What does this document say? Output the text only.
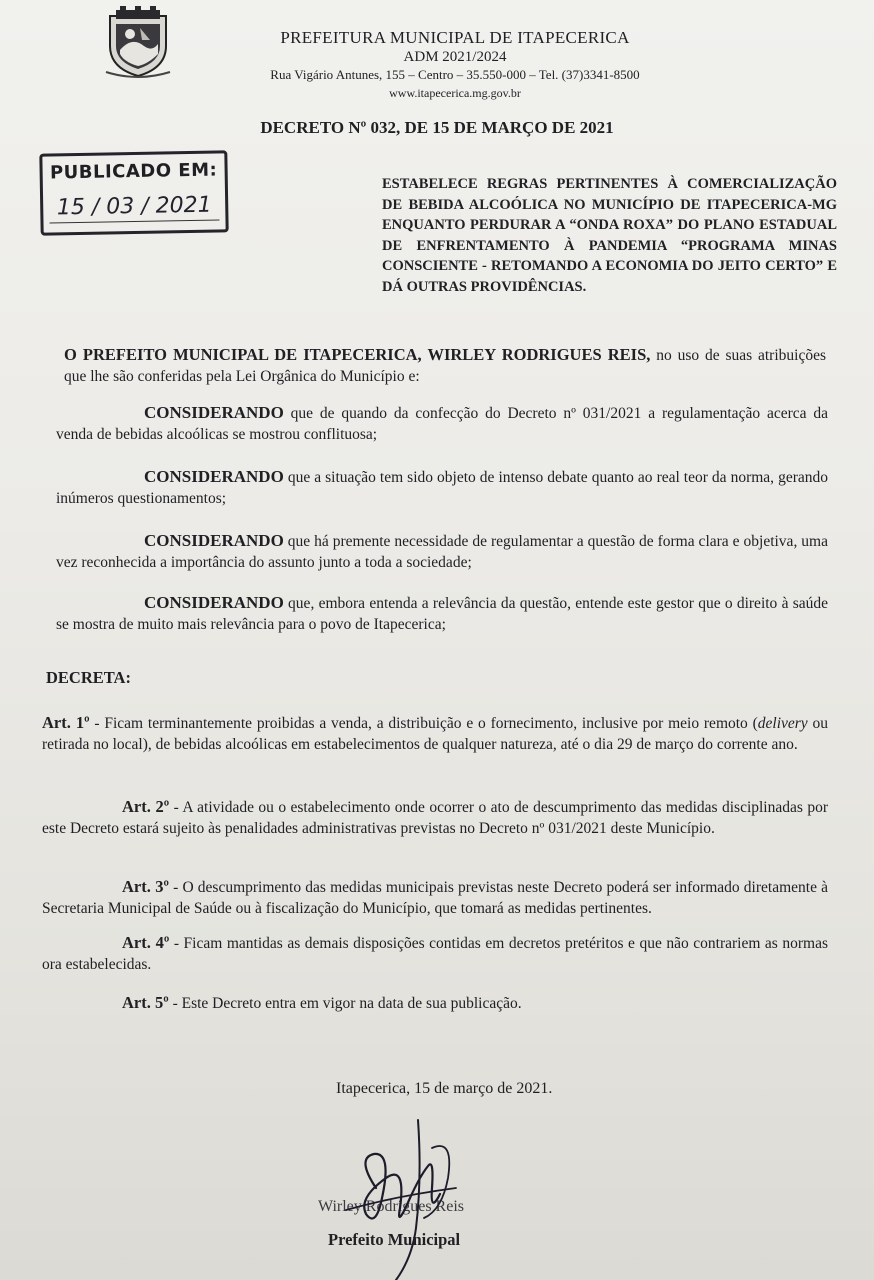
PREFEITURA MUNICIPAL DE ITAPECERICA
ADM 2021/2024
Rua Vigário Antunes, 155 – Centro – 35.550-000 – Tel. (37)3341-8500
www.itapecerica.mg.gov.br
DECRETO Nº 032, DE 15 DE MARÇO DE 2021
PUBLICADO EM:
15 / 03 / 2021
ESTABELECE REGRAS PERTINENTES À COMERCIALIZAÇÃO DE BEBIDA ALCOÓLICA NO MUNICÍPIO DE ITAPECERICA-MG ENQUANTO PERDURAR A “ONDA ROXA” DO PLANO ESTADUAL DE ENFRENTAMENTO À PANDEMIA “PROGRAMA MINAS CONSCIENTE - RETOMANDO A ECONOMIA DO JEITO CERTO” E DÁ OUTRAS PROVIDÊNCIAS.
O PREFEITO MUNICIPAL DE ITAPECERICA, WIRLEY RODRIGUES REIS, no uso de suas atribuições que lhe são conferidas pela Lei Orgânica do Município e:
CONSIDERANDO que de quando da confecção do Decreto nº 031/2021 a regulamentação acerca da venda de bebidas alcoólicas se mostrou conflituosa;
CONSIDERANDO que a situação tem sido objeto de intenso debate quanto ao real teor da norma, gerando inúmeros questionamentos;
CONSIDERANDO que há premente necessidade de regulamentar a questão de forma clara e objetiva, uma vez reconhecida a importância do assunto junto a toda a sociedade;
CONSIDERANDO que, embora entenda a relevância da questão, entende este gestor que o direito à saúde se mostra de muito mais relevância para o povo de Itapecerica;
DECRETA:
Art. 1º - Ficam terminantemente proibidas a venda, a distribuição e o fornecimento, inclusive por meio remoto (delivery ou retirada no local), de bebidas alcoólicas em estabelecimentos de qualquer natureza, até o dia 29 de março do corrente ano.
Art. 2º - A atividade ou o estabelecimento onde ocorrer o ato de descumprimento das medidas disciplinadas por este Decreto estará sujeito às penalidades administrativas previstas no Decreto nº 031/2021 deste Município.
Art. 3º - O descumprimento das medidas municipais previstas neste Decreto poderá ser informado diretamente à Secretaria Municipal de Saúde ou à fiscalização do Município, que tomará as medidas pertinentes.
Art. 4º - Ficam mantidas as demais disposições contidas em decretos pretéritos e que não contrariem as normas ora estabelecidas.
Art. 5º - Este Decreto entra em vigor na data de sua publicação.
Itapecerica, 15 de março de 2021.
Wirley Rodrigues Reis
Prefeito Municipal
